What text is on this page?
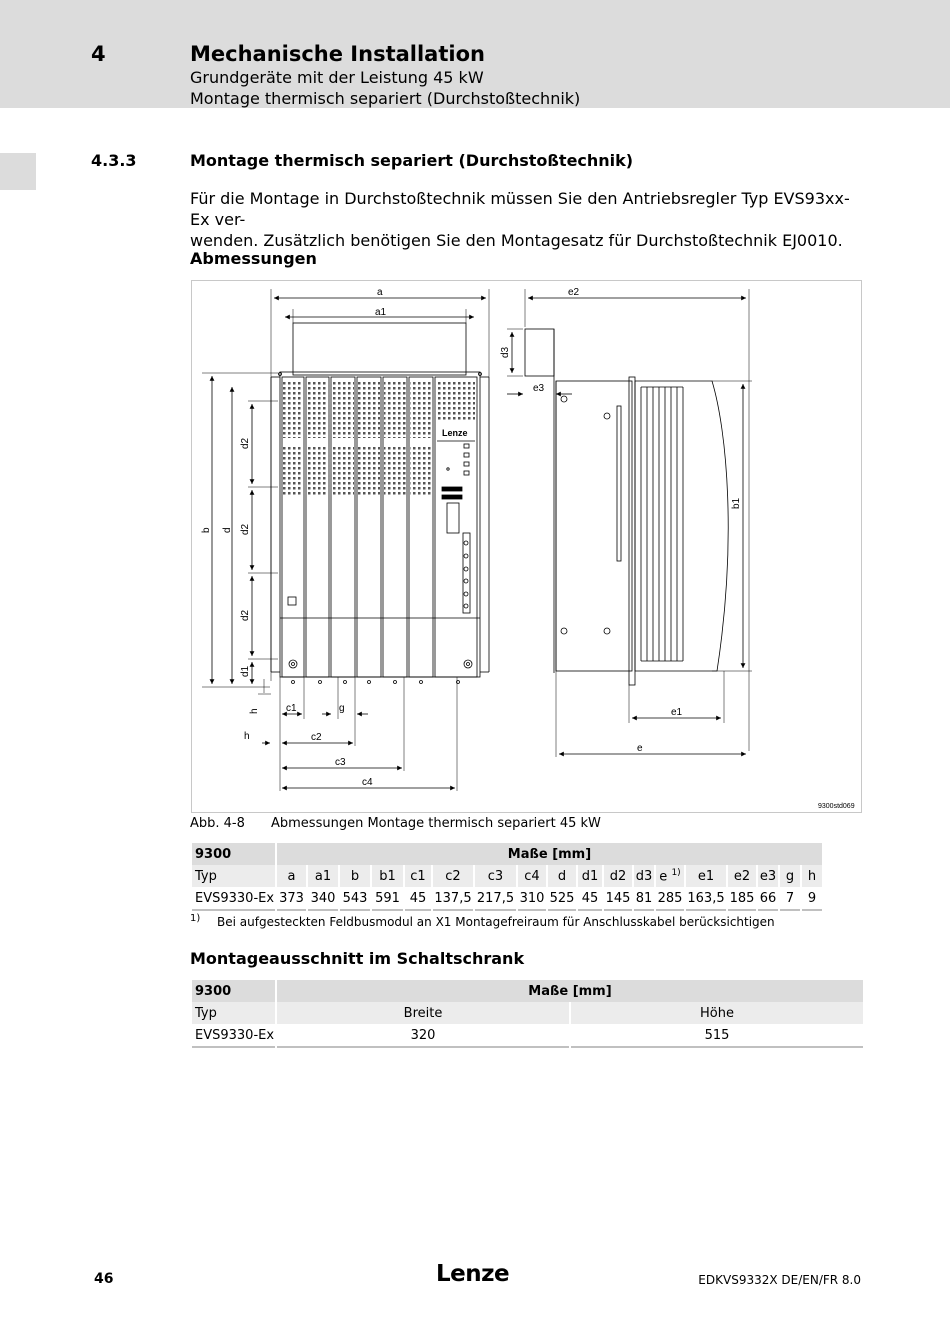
4	Mechanische Installation
Grundgeräte mit der Leistung 45 kW
Montage thermisch separiert (Durchstoßtechnik)
4.3.3	Montage thermisch separiert (Durchstoßtechnik)
Für die Montage in Durchstoßtechnik müssen Sie den Antriebsregler Typ EVS93xx-Ex ver-
wenden. Zusätzlich benötigen Sie den Montagesatz für Durchstoßtechnik EJ0010.
Abmessungen
Lenze
a
a1
b d
d2
d2
d2
d1
h	c1	g
h	c2
c3
c4
e2
d3
e3
b1
e1
e
9300std069
Abb. 4-8 Abmessungen Montage thermisch separiert 45 kW
9300	Maße [mm]																	
Typ	a	a1	b	b1	c1	c2	c3	c4	d	d1	d2	d3	e $^{1)}$	e1	e2	e3	g	h
EVS9330-Ex	373	340	543	591	45	137,5	217,5	310	525	45	145	81	285	163,5	185	66	7	9
1) Bei aufgesteckten Feldbusmodul an X1 Montagefreiraum für Anschlusskabel berücksichtigen
Montageausschnitt im Schaltschrank
9300	Maße [mm]	
Typ	Breite	Höhe
EVS9330-Ex	320	515
46	Lenze	EDKVS9332X DE/EN/FR 8.0
